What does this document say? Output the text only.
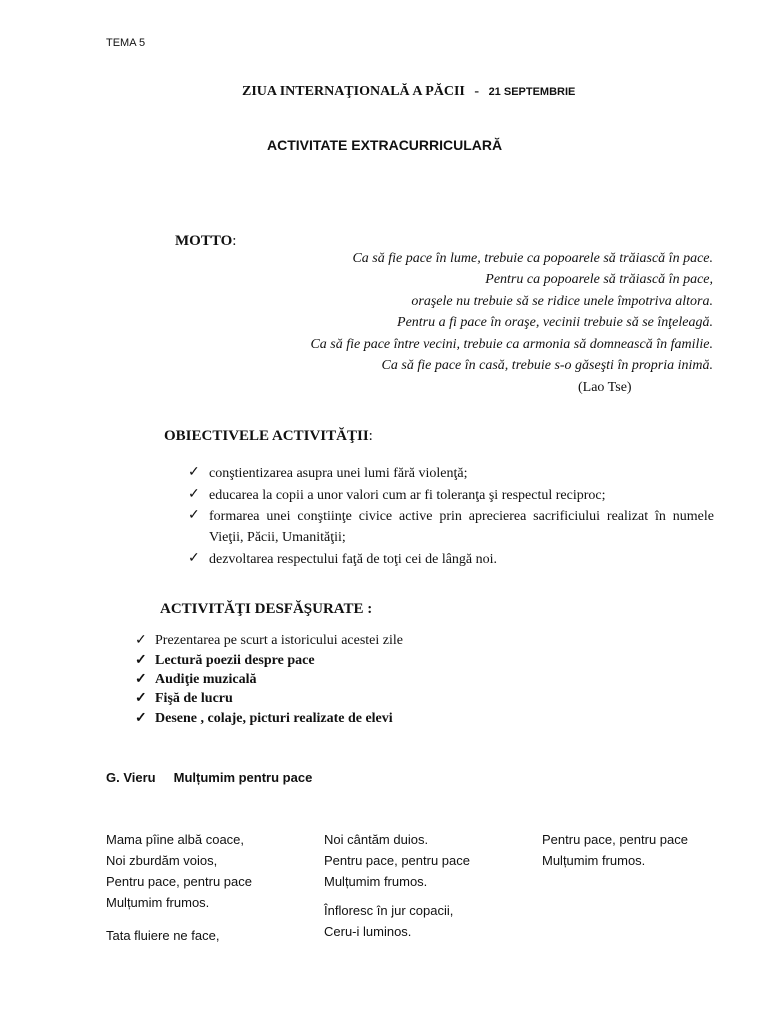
TEMA 5
ZIUA INTERNAŢIONALĂ A PĂCII - 21 SEPTEMBRIE
ACTIVITATE EXTRACURRICULARĂ
MOTTO:
Ca să fie pace în lume, trebuie ca popoarele să trăiască în pace.
Pentru ca popoarele să trăiască în pace,
oraşele nu trebuie să se ridice unele împotriva altora.
Pentru a fi pace în oraşe, vecinii trebuie să se înţeleagă.
Ca să fie pace între vecini, trebuie ca armonia să domnească în familie.
Ca să fie pace în casă, trebuie s-o găseşti în propria inimă.
(Lao Tse)
OBIECTIVELE ACTIVITĂŢII:
✓ conştientizarea asupra unei lumi fără violenţă;
✓ educarea la copii a unor valori cum ar fi toleranţa şi respectul reciproc;
✓ formarea unei conştiinţe civice active prin aprecierea sacrificiului realizat în numele Vieţii, Păcii, Umanităţii;
✓ dezvoltarea respectului faţă de toţi cei de lângă noi.
ACTIVITĂŢI DESFĂŞURATE :
✓ Prezentarea pe scurt a istoricului acestei zile
✓ Lectură poezii despre pace
✓ Audiţie muzicală
✓ Fişă de lucru
✓ Desene , colaje, picturi realizate de elevi
G. Vieru Mulțumim pentru pace
Mama pîine albă coace,
Noi zburdăm voios,
Pentru pace, pentru pace
Mulțumim frumos.
Tata fluiere ne face,
Noi cântăm duios.
Pentru pace, pentru pace
Mulțumim frumos.
Înfloresc în jur copacii,
Ceru-i luminos.
Pentru pace, pentru pace
Mulțumim frumos.
